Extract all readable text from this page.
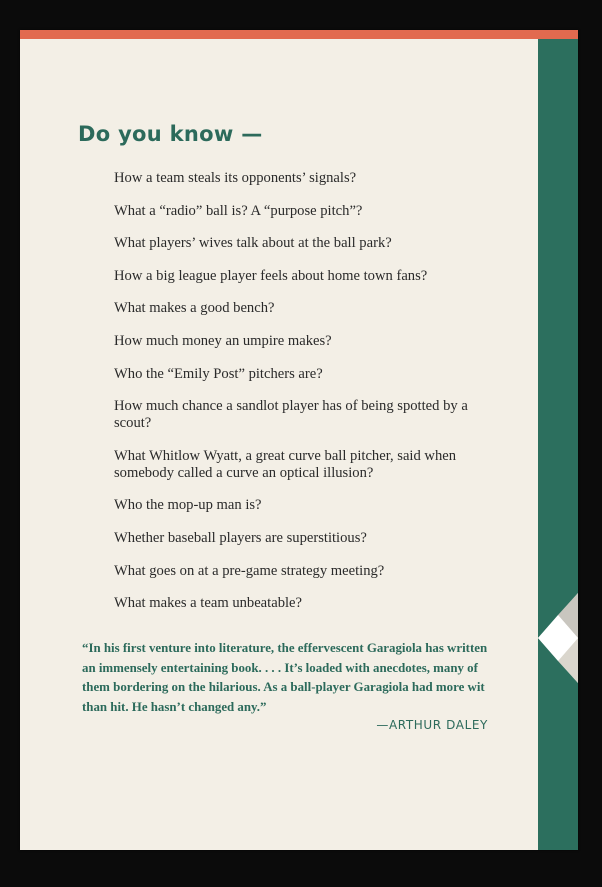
Do you know —
How a team steals its opponents’ signals?
What a “radio” ball is? A “purpose pitch”?
What players’ wives talk about at the ball park?
How a big league player feels about home town fans?
What makes a good bench?
How much money an umpire makes?
Who the “Emily Post” pitchers are?
How much chance a sandlot player has of being spotted by a scout?
What Whitlow Wyatt, a great curve ball pitcher, said when somebody called a curve an optical illusion?
Who the mop-up man is?
Whether baseball players are superstitious?
What goes on at a pre-game strategy meeting?
What makes a team unbeatable?

“In his first venture into literature, the effervescent Garagiola has written an immensely entertaining book. . . . It’s loaded with anecdotes, many of them bordering on the hilarious. As a ball-player Garagiola had more wit than hit. He hasn’t changed any.”

—ARTHUR DALEY
